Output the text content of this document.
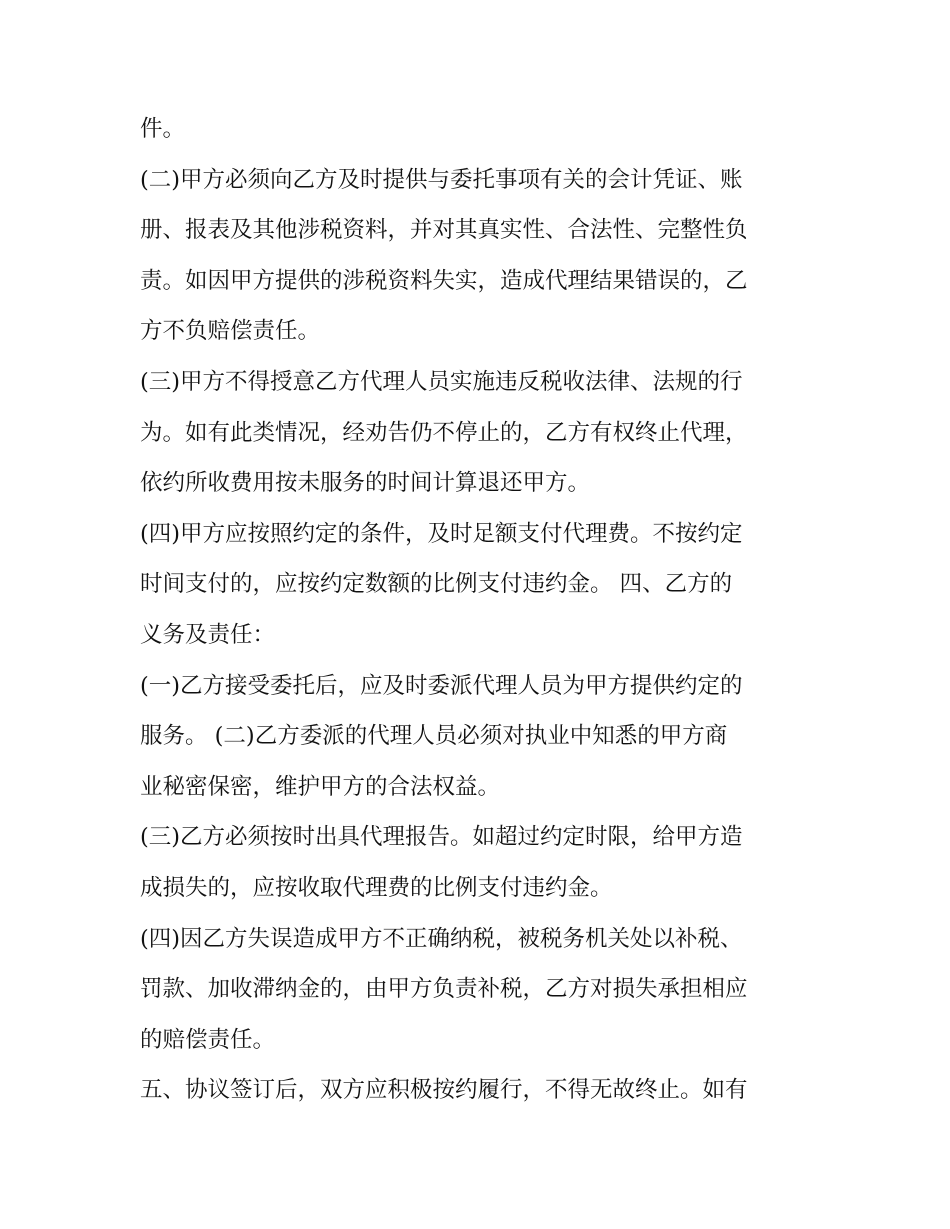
件。
(二)甲方必须向乙方及时提供与委托事项有关的会计凭证、账
册、报表及其他涉税资料，并对其真实性、合法性、完整性负
责。如因甲方提供的涉税资料失实，造成代理结果错误的，乙
方不负赔偿责任。
(三)甲方不得授意乙方代理人员实施违反税收法律、法规的行
为。如有此类情况，经劝告仍不停止的，乙方有权终止代理，
依约所收费用按未服务的时间计算退还甲方。
(四)甲方应按照约定的条件，及时足额支付代理费。不按约定
时间支付的，应按约定数额的比例支付违约金。 四、乙方的
义务及责任：
(一)乙方接受委托后，应及时委派代理人员为甲方提供约定的
服务。 (二)乙方委派的代理人员必须对执业中知悉的甲方商
业秘密保密，维护甲方的合法权益。
(三)乙方必须按时出具代理报告。如超过约定时限，给甲方造
成损失的，应按收取代理费的比例支付违约金。
(四)因乙方失误造成甲方不正确纳税，被税务机关处以补税、
罚款、加收滞纳金的，由甲方负责补税，乙方对损失承担相应
的赔偿责任。
五、协议签订后，双方应积极按约履行，不得无故终止。如有
